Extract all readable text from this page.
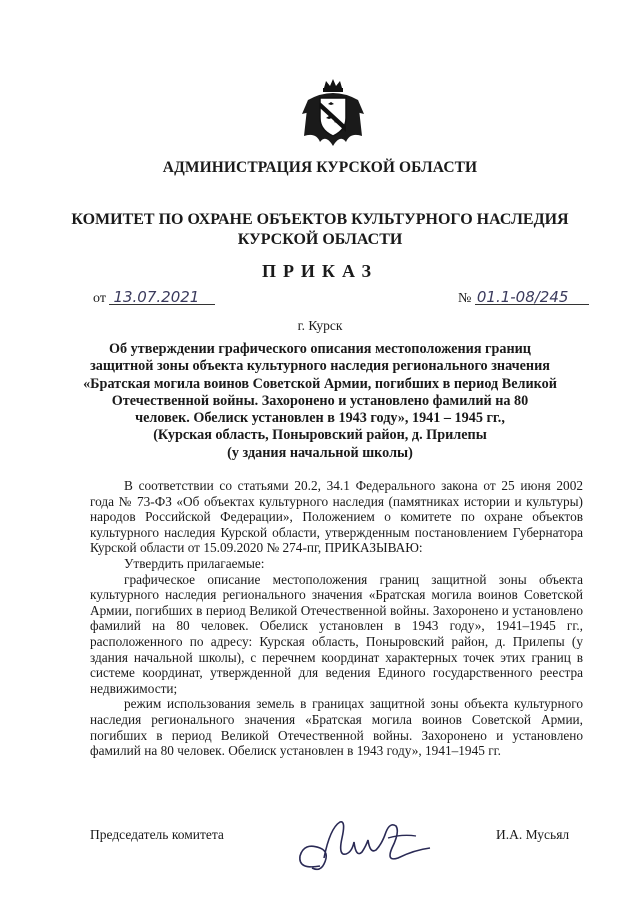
АДМИНИСТРАЦИЯ КУРСКОЙ ОБЛАСТИ
КОМИТЕТ ПО ОХРАНЕ ОБЪЕКТОВ КУЛЬТУРНОГО НАСЛЕДИЯ
КУРСКОЙ ОБЛАСТИ
ПРИКАЗ
от 13.07.2021	№ 01.1-08/245
г. Курск
Об утверждении графического описания местоположения границ
защитной зоны объекта культурного наследия регионального значения
«Братская могила воинов Советской Армии, погибших в период Великой
Отечественной войны. Захоронено и установлено фамилий на 80
человек. Обелиск установлен в 1943 году», 1941 – 1945 гг.,
(Курская область, Поныровский район, д. Прилепы
(у здания начальной школы)

В соответствии со статьями 20.2, 34.1 Федерального закона от 25 июня 2002 года № 73-ФЗ «Об объектах культурного наследия (памятниках истории и культуры) народов Российской Федерации», Положением о комитете по охране объектов культурного наследия Курской области, утвержденным постановлением Губернатора Курской области от 15.09.2020 № 274-пг, ПРИКАЗЫВАЮ:

Утвердить прилагаемые:

графическое описание местоположения границ защитной зоны объекта культурного наследия регионального значения «Братская могила воинов Советской Армии, погибших в период Великой Отечественной войны. Захоронено и установлено фамилий на 80 человек. Обелиск установлен в 1943 году», 1941–1945 гг., расположенного по адресу: Курская область, Поныровский район, д. Прилепы (у здания начальной школы), с перечнем координат характерных точек этих границ в системе координат, утвержденной для ведения Единого государственного реестра недвижимости;

режим использования земель в границах защитной зоны объекта культурного наследия регионального значения «Братская могила воинов Советской Армии, погибших в период Великой Отечественной войны. Захоронено и установлено фамилий на 80 человек. Обелиск установлен в 1943 году», 1941–1945 гг.

Председатель комитета	И.А. Мусьял
